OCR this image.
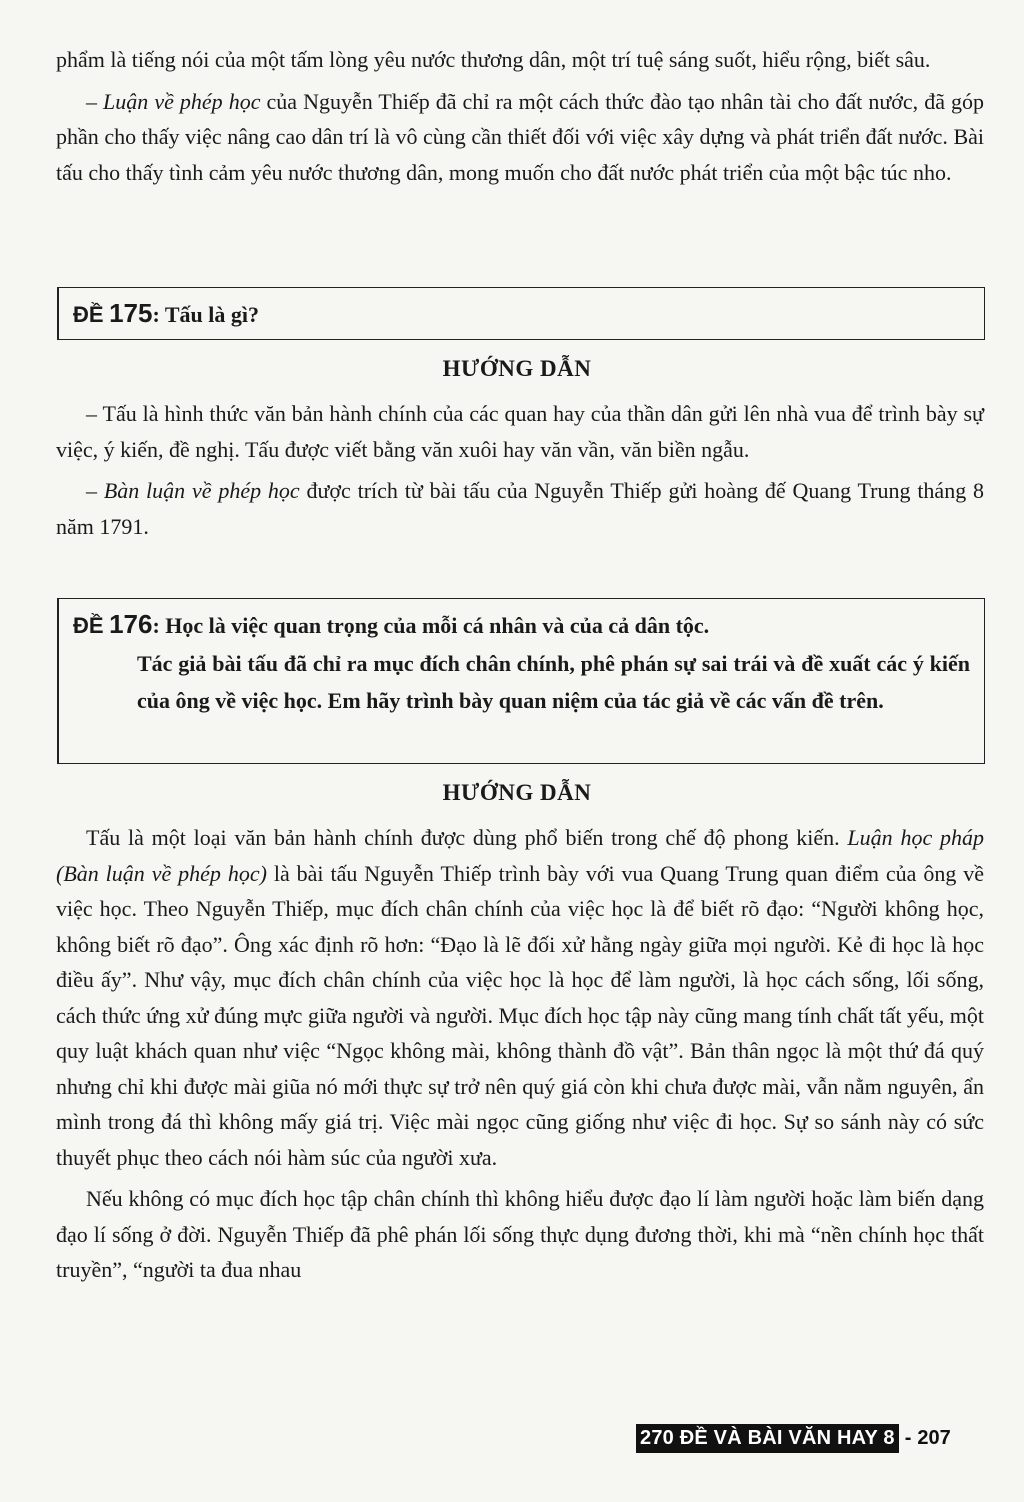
phẩm là tiếng nói của một tấm lòng yêu nước thương dân, một trí tuệ sáng suốt, hiểu rộng, biết sâu.

– Luận về phép học của Nguyễn Thiếp đã chỉ ra một cách thức đào tạo nhân tài cho đất nước, đã góp phần cho thấy việc nâng cao dân trí là vô cùng cần thiết đối với việc xây dựng và phát triển đất nước. Bài tấu cho thấy tình cảm yêu nước thương dân, mong muốn cho đất nước phát triển của một bậc túc nho.

ĐỀ 175: Tấu là gì?
HƯỚNG DẪN

– Tấu là hình thức văn bản hành chính của các quan hay của thần dân gửi lên nhà vua để trình bày sự việc, ý kiến, đề nghị. Tấu được viết bằng văn xuôi hay văn vần, văn biền ngẫu.

– Bàn luận về phép học được trích từ bài tấu của Nguyễn Thiếp gửi hoàng đế Quang Trung tháng 8 năm 1791.

ĐỀ 176: Học là việc quan trọng của mỗi cá nhân và của cả dân tộc.
Tác giả bài tấu đã chỉ ra mục đích chân chính, phê phán sự sai trái và đề xuất các ý kiến của ông về việc học. Em hãy trình bày quan niệm của tác giả về các vấn đề trên.
HƯỚNG DẪN

Tấu là một loại văn bản hành chính được dùng phổ biến trong chế độ phong kiến. Luận học pháp (Bàn luận về phép học) là bài tấu Nguyễn Thiếp trình bày với vua Quang Trung quan điểm của ông về việc học. Theo Nguyễn Thiếp, mục đích chân chính của việc học là để biết rõ đạo: “Người không học, không biết rõ đạo”. Ông xác định rõ hơn: “Đạo là lẽ đối xử hằng ngày giữa mọi người. Kẻ đi học là học điều ấy”. Như vậy, mục đích chân chính của việc học là học để làm người, là học cách sống, lối sống, cách thức ứng xử đúng mực giữa người và người. Mục đích học tập này cũng mang tính chất tất yếu, một quy luật khách quan như việc “Ngọc không mài, không thành đồ vật”. Bản thân ngọc là một thứ đá quý nhưng chỉ khi được mài giũa nó mới thực sự trở nên quý giá còn khi chưa được mài, vẫn nằm nguyên, ẩn mình trong đá thì không mấy giá trị. Việc mài ngọc cũng giống như việc đi học. Sự so sánh này có sức thuyết phục theo cách nói hàm súc của người xưa.

Nếu không có mục đích học tập chân chính thì không hiểu được đạo lí làm người hoặc làm biến dạng đạo lí sống ở đời. Nguyễn Thiếp đã phê phán lối sống thực dụng đương thời, khi mà “nền chính học thất truyền”, “người ta đua nhau

270 ĐỀ VÀ BÀI VĂN HAY 8 - 207
